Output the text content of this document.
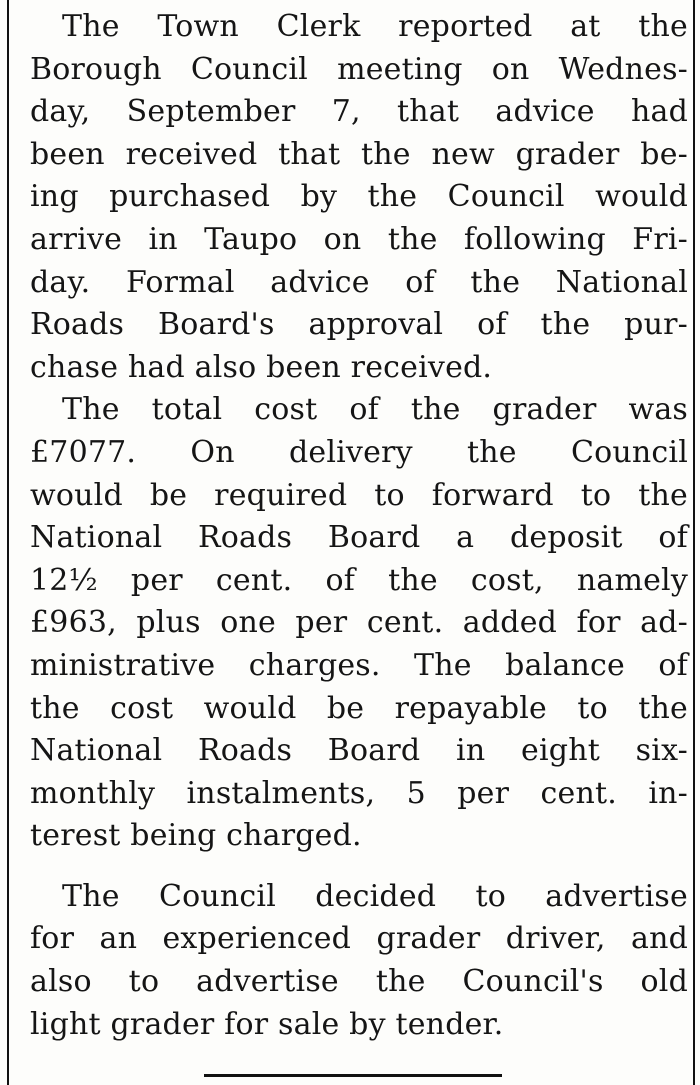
The Town Clerk reported at the
Borough Council meeting on Wednes-
day, September 7, that advice had
been received that the new grader be-
ing purchased by the Council would
arrive in Taupo on the following Fri-
day. Formal advice of the National
Roads Board's approval of the pur-
chase had also been received.
The total cost of the grader was
£7077. On delivery the Council
would be required to forward to the
National Roads Board a deposit of
12½ per cent. of the cost, namely
£963, plus one per cent. added for ad-
ministrative charges. The balance of
the cost would be repayable to the
National Roads Board in eight six-
monthly instalments, 5 per cent. in-
terest being charged.
The Council decided to advertise
for an experienced grader driver, and
also to advertise the Council's old
light grader for sale by tender.
